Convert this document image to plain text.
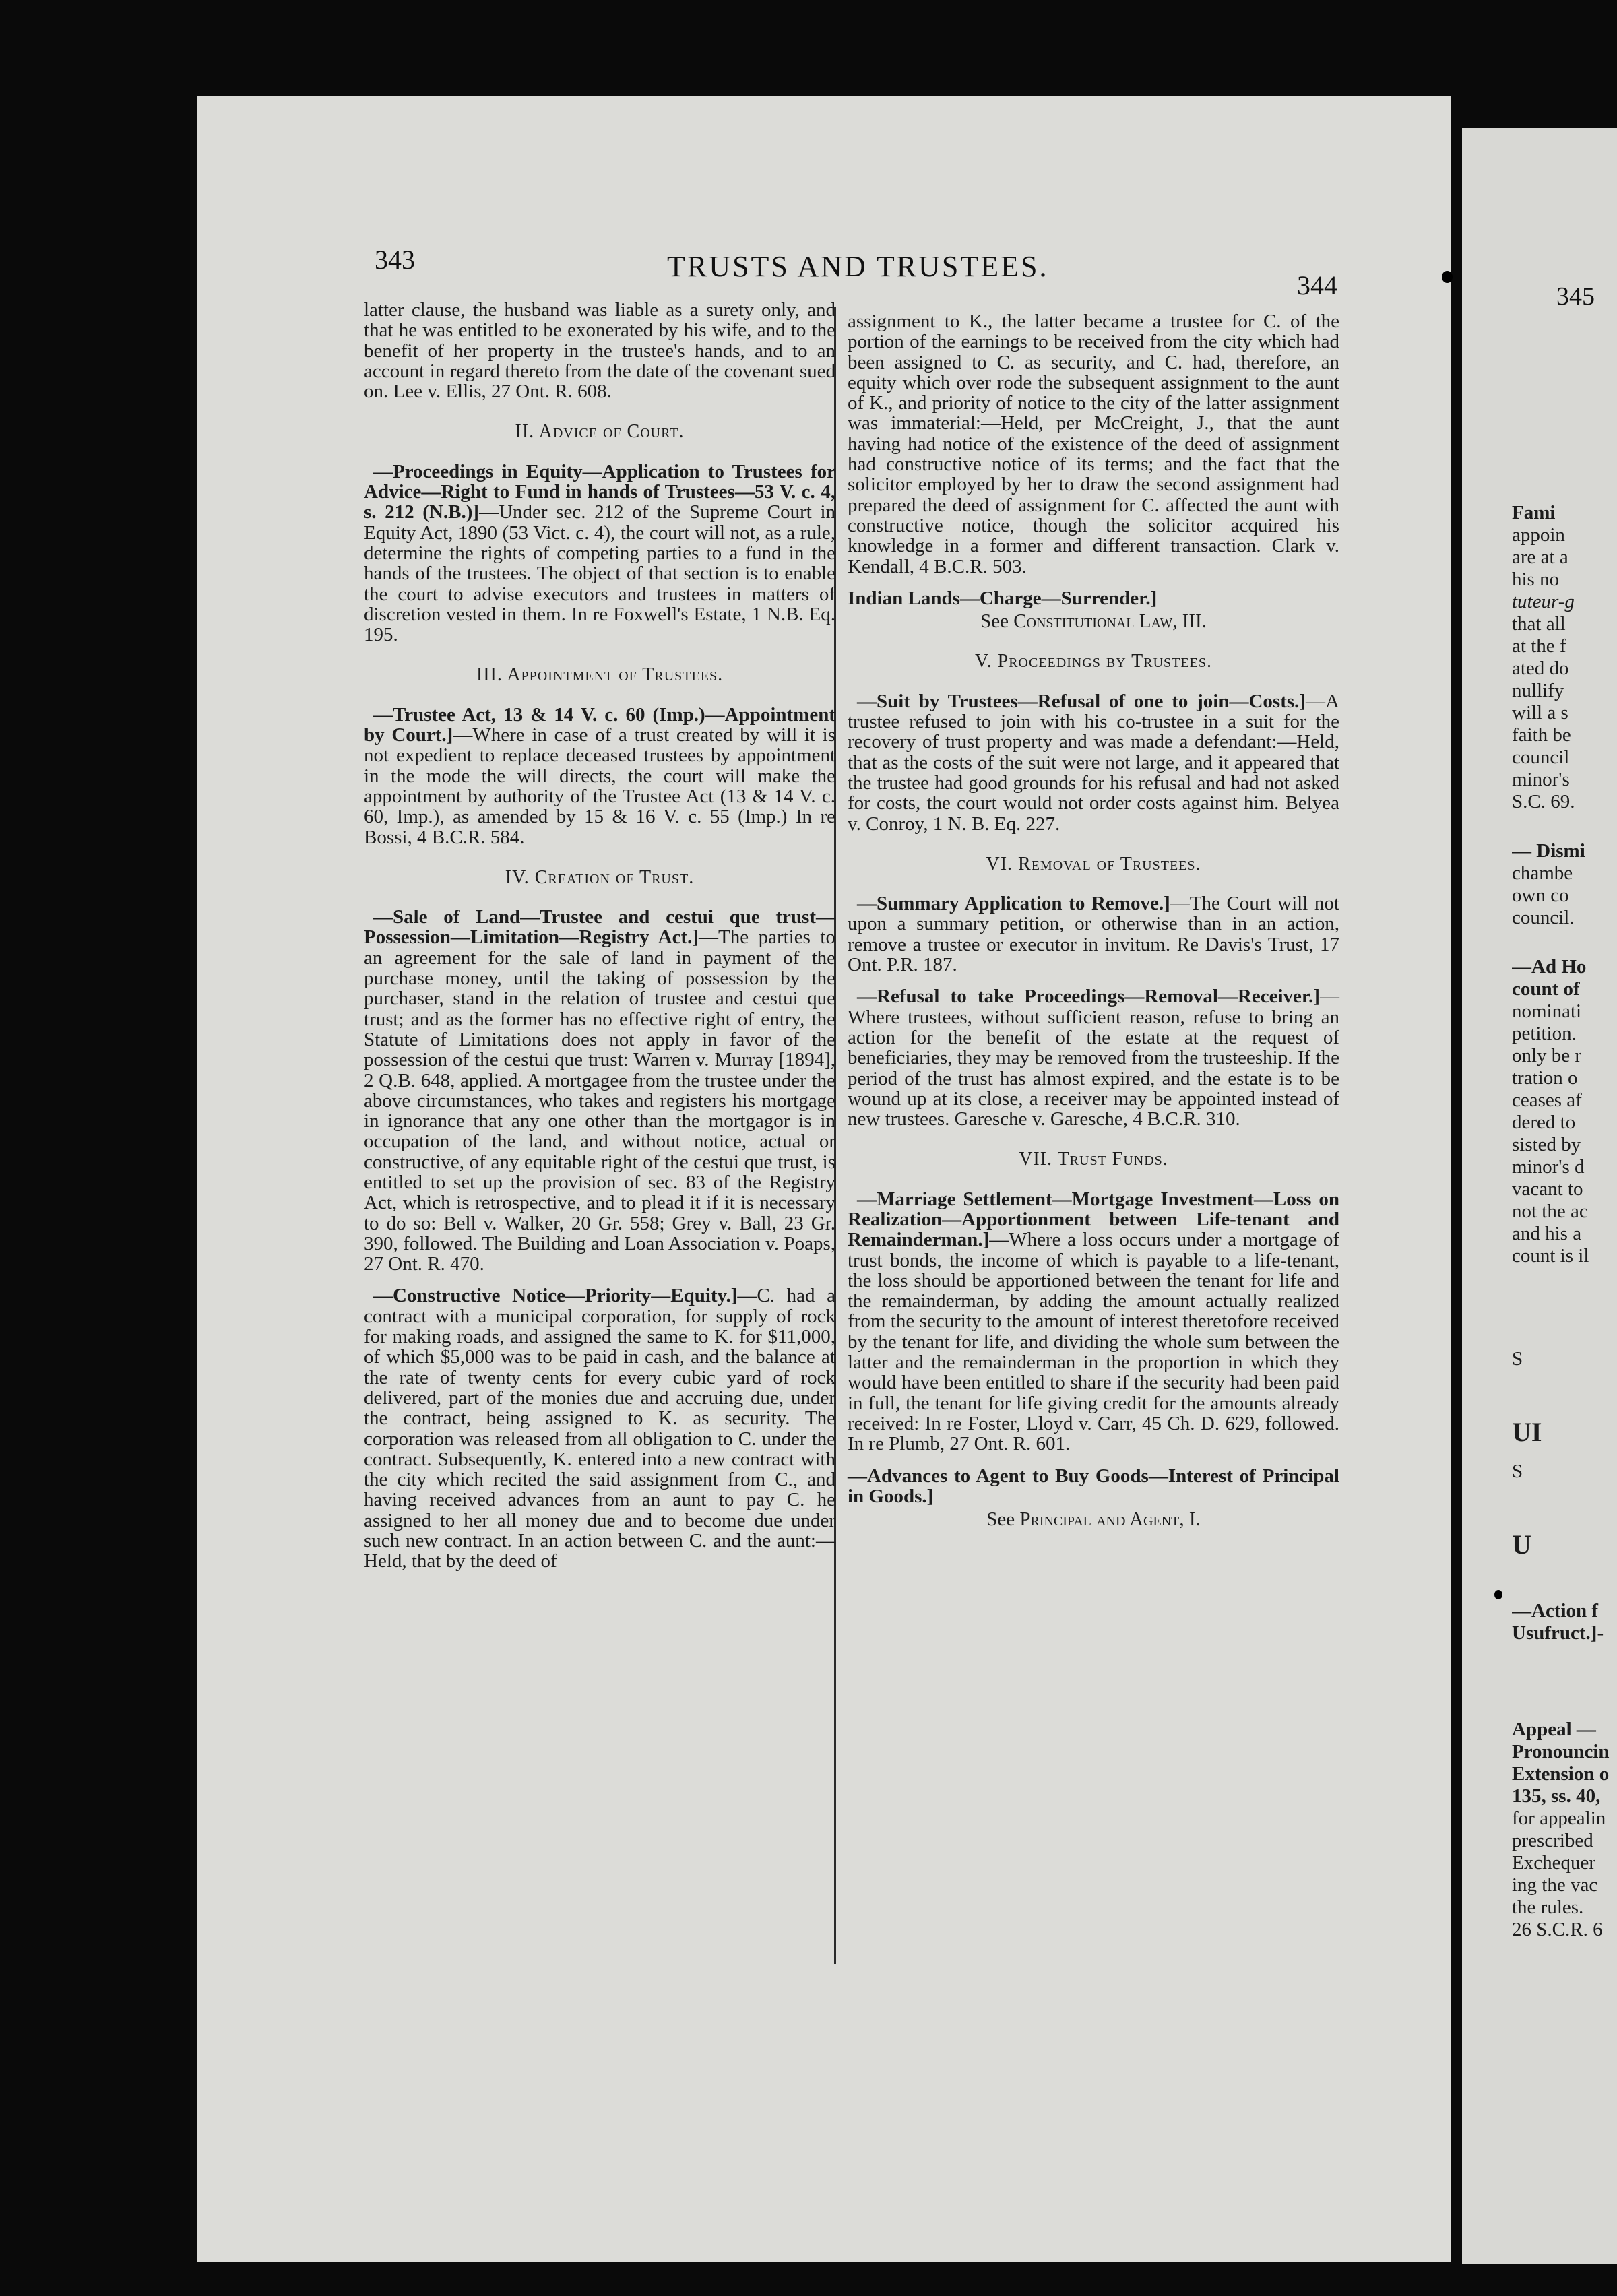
343	TRUSTS AND TRUSTEES.
344	345

latter clause, the husband was liable as a surety only, and that he was entitled to be exonerated by his wife, and to the benefit of her property in the trustee's hands, and to an account in regard thereto from the date of the covenant sued on. Lee v. Ellis, 27 Ont. R. 608.

II. Advice of Court.

—Proceedings in Equity—Application to Trustees for Advice—Right to Fund in hands of Trustees—53 V. c. 4, s. 212 (N.B.)]—Under sec. 212 of the Supreme Court in Equity Act, 1890 (53 Vict. c. 4), the court will not, as a rule, determine the rights of competing parties to a fund in the hands of the trustees. The object of that section is to enable the court to advise executors and trustees in matters of discretion vested in them. In re Foxwell's Estate, 1 N.B. Eq. 195.

III. Appointment of Trustees.

—Trustee Act, 13 & 14 V. c. 60 (Imp.)—Appointment by Court.]—Where in case of a trust created by will it is not expedient to replace deceased trustees by appointment in the mode the will directs, the court will make the appointment by authority of the Trustee Act (13 & 14 V. c. 60, Imp.), as amended by 15 & 16 V. c. 55 (Imp.) In re Bossi, 4 B.C.R. 584.

IV. Creation of Trust.

—Sale of Land—Trustee and cestui que trust—Possession—Limitation—Registry Act.]—The parties to an agreement for the sale of land in payment of the purchase money, until the taking of possession by the purchaser, stand in the relation of trustee and cestui que trust; and as the former has no effective right of entry, the Statute of Limitations does not apply in favor of the possession of the cestui que trust: Warren v. Murray [1894], 2 Q.B. 648, applied. A mortgagee from the trustee under the above circumstances, who takes and registers his mortgage in ignorance that any one other than the mortgagor is in occupation of the land, and without notice, actual or constructive, of any equitable right of the cestui que trust, is entitled to set up the provision of sec. 83 of the Registry Act, which is retrospective, and to plead it if it is necessary to do so: Bell v. Walker, 20 Gr. 558; Grey v. Ball, 23 Gr. 390, followed. The Building and Loan Association v. Poaps, 27 Ont. R. 470.

—Constructive Notice—Priority—Equity.]—C. had a contract with a municipal corporation, for supply of rock for making roads, and assigned the same to K. for $11,000, of which $5,000 was to be paid in cash, and the balance at the rate of twenty cents for every cubic yard of rock delivered, part of the monies due and accruing due, under the contract, being assigned to K. as security. The corporation was released from all obligation to C. under the contract. Subsequently, K. entered into a new contract with the city which recited the said assignment from C., and having received advances from an aunt to pay C. he assigned to her all money due and to become due under such new contract. In an action between C. and the aunt:—Held, that by the deed of

assignment to K., the latter became a trustee for C. of the portion of the earnings to be received from the city which had been assigned to C. as security, and C. had, therefore, an equity which over rode the subsequent assignment to the aunt of K., and priority of notice to the city of the latter assignment was immaterial:—Held, per McCreight, J., that the aunt having had notice of the existence of the deed of assignment had constructive notice of its terms; and the fact that the solicitor employed by her to draw the second assignment had prepared the deed of assignment for C. affected the aunt with constructive notice, though the solicitor acquired his knowledge in a former and different transaction. Clark v. Kendall, 4 B.C.R. 503.

Indian Lands—Charge—Surrender.]

See Constitutional Law, III.
V. Proceedings by Trustees.

—Suit by Trustees—Refusal of one to join—Costs.]—A trustee refused to join with his co-trustee in a suit for the recovery of trust property and was made a defendant:—Held, that as the costs of the suit were not large, and it appeared that the trustee had good grounds for his refusal and had not asked for costs, the court would not order costs against him. Belyea v. Conroy, 1 N. B. Eq. 227.

VI. Removal of Trustees.

—Summary Application to Remove.]—The Court will not upon a summary petition, or otherwise than in an action, remove a trustee or executor in invitum. Re Davis's Trust, 17 Ont. P.R. 187.

—Refusal to take Proceedings—Removal—Receiver.]—Where trustees, without sufficient reason, refuse to bring an action for the benefit of the estate at the request of beneficiaries, they may be removed from the trusteeship. If the period of the trust has almost expired, and the estate is to be wound up at its close, a receiver may be appointed instead of new trustees. Garesche v. Garesche, 4 B.C.R. 310.

VII. Trust Funds.

—Marriage Settlement—Mortgage Investment—Loss on Realization—Apportionment between Life-tenant and Remainderman.]—Where a loss occurs under a mortgage of trust bonds, the income of which is payable to a life-tenant, the loss should be apportioned between the tenant for life and the remainderman, by adding the amount actually realized from the security to the amount of interest theretofore received by the tenant for life, and dividing the whole sum between the latter and the remainderman in the proportion in which they would have been entitled to share if the security had been paid in full, the tenant for life giving credit for the amounts already received: In re Foster, Lloyd v. Carr, 45 Ch. D. 629, followed. In re Plumb, 27 Ont. R. 601.

—Advances to Agent to Buy Goods—Interest of Principal in Goods.]

See Principal and Agent, I.
Fami
appoin
are at a
his no
tuteur-g
that all
at the f
ated do
nullify
will a s
faith be
council
minor's
S.C. 69.
— Dismi
chambe
own co
council.
—Ad Ho
count of
nominati
petition.
only be r
tration o
ceases af
dered to
sisted by
minor's d
vacant to
not the ac
and his a
count is il
S
UI
S
U
—Action f
Usufruct.]-
Appeal —
Pronouncin
Extension o
135, ss. 40,
for appealin
prescribed
Exchequer
ing the vac
the rules.
26 S.C.R. 6
